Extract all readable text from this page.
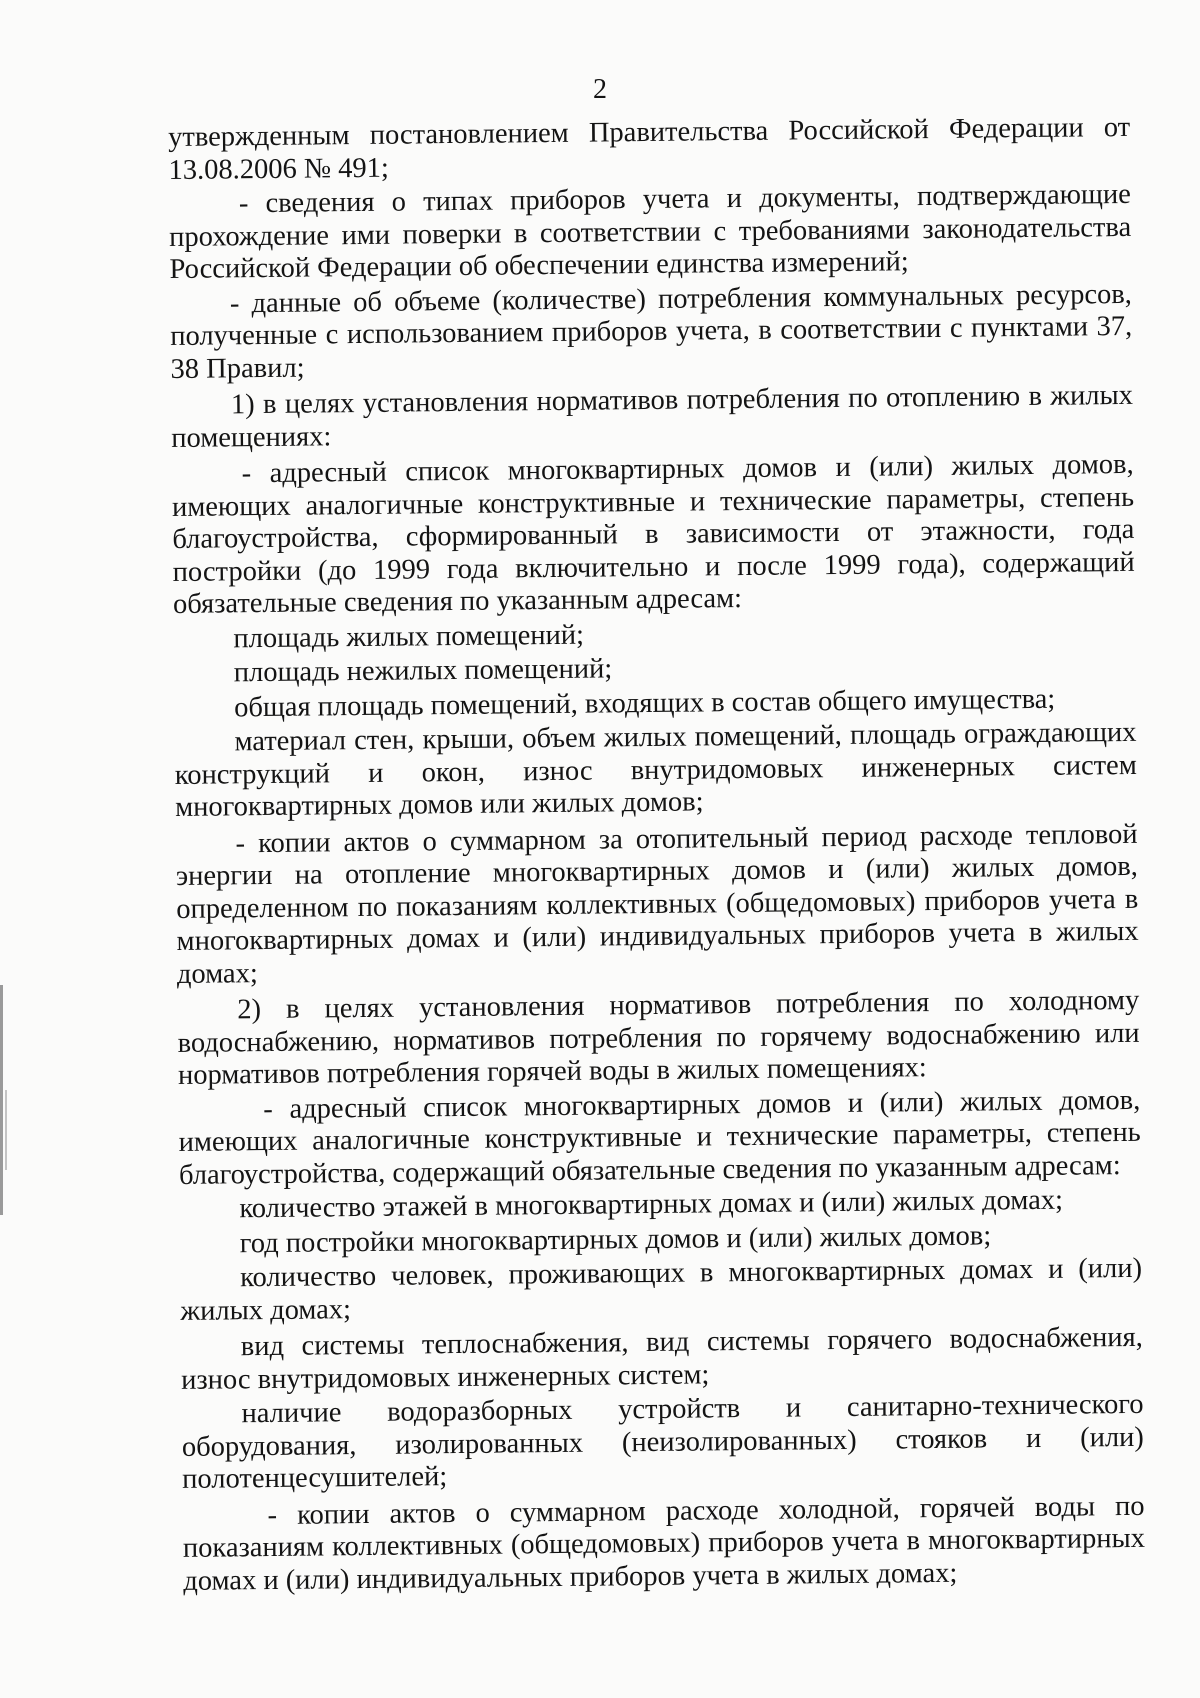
2

утвержденным постановлением Правительства Российской Федерации от 13.08.2006 № 491;

- сведения о типах приборов учета и документы, подтверждающие прохождение ими поверки в соответствии с требованиями законодательства Российской Федерации об обеспечении единства измерений;

- данные об объеме (количестве) потребления коммунальных ресурсов, полученные с использованием приборов учета, в соответствии с пунктами 37, 38 Правил;

1) в целях установления нормативов потребления по отоплению в жилых помещениях:

- адресный список многоквартирных домов и (или) жилых домов, имеющих аналогичные конструктивные и технические параметры, степень благоустройства, сформированный в зависимости от этажности, года постройки (до 1999 года включительно и после 1999 года), содержащий обязательные сведения по указанным адресам:

площадь жилых помещений;

площадь нежилых помещений;

общая площадь помещений, входящих в состав общего имущества;

материал стен, крыши, объем жилых помещений, площадь ограждающих конструкций и окон, износ внутридомовых инженерных систем многоквартирных домов или жилых домов;

- копии актов о суммарном за отопительный период расходе тепловой энергии на отопление многоквартирных домов и (или) жилых домов, определенном по показаниям коллективных (общедомовых) приборов учета в многоквартирных домах и (или) индивидуальных приборов учета в жилых домах;

2) в целях установления нормативов потребления по холодному водоснабжению, нормативов потребления по горячему водоснабжению или нормативов потребления горячей воды в жилых помещениях:

- адресный список многоквартирных домов и (или) жилых домов, имеющих аналогичные конструктивные и технические параметры, степень благоустройства, содержащий обязательные сведения по указанным адресам:

количество этажей в многоквартирных домах и (или) жилых домах;

год постройки многоквартирных домов и (или) жилых домов;

количество человек, проживающих в многоквартирных домах и (или) жилых домах;

вид системы теплоснабжения, вид системы горячего водоснабжения, износ внутридомовых инженерных систем;

наличие водоразборных устройств и санитарно-технического оборудования, изолированных (неизолированных) стояков и (или) полотенцесушителей;

- копии актов о суммарном расходе холодной, горячей воды по показаниям коллективных (общедомовых) приборов учета в многоквартирных домах и (или) индивидуальных приборов учета в жилых домах;
